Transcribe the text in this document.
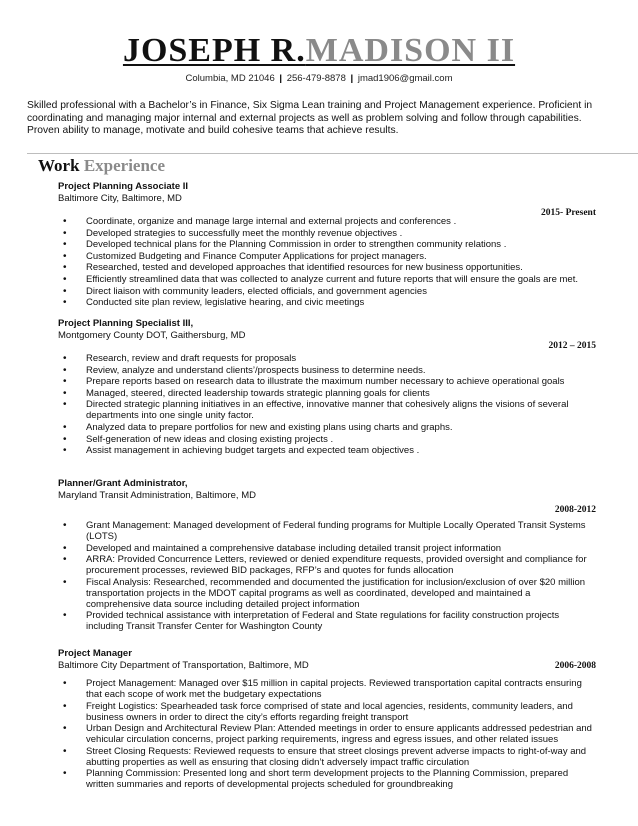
JOSEPH R.MADISON II
Columbia, MD 21046 | 256-479-8878 | jmad1906@gmail.com
Skilled professional with a Bachelor’s in Finance, Six Sigma Lean training and Project Management experience. Proficient in coordinating and managing major internal and external projects as well as problem solving and follow through capabilities. Proven ability to manage, motivate and build cohesive teams that achieve results.
Work Experience
Project Planning Associate II
Baltimore City, Baltimore, MD
2015- Present
• Coordinate, organize and manage large internal and external projects and conferences .
• Developed strategies to successfully meet the monthly revenue objectives .
• Developed technical plans for the Planning Commission in order to strengthen community relations .
• Customized Budgeting and Finance Computer Applications for project managers.
• Researched, tested and developed approaches that identified resources for new business opportunities.
• Efficiently streamlined data that was collected to analyze current and future reports that will ensure the goals are met.
• Direct liaison with community leaders, elected officials, and government agencies
• Conducted site plan review, legislative hearing, and civic meetings
Project Planning Specialist III,
Montgomery County DOT, Gaithersburg, MD
2012 – 2015
• Research, review and draft requests for proposals
• Review, analyze and understand clients’/prospects business to determine needs.
• Prepare reports based on research data to illustrate the maximum number necessary to achieve operational goals
• Managed, steered, directed leadership towards strategic planning goals for clients
• Directed strategic planning initiatives in an effective, innovative manner that cohesively aligns the visions of several departments into one single unity factor.
• Analyzed data to prepare portfolios for new and existing plans using charts and graphs.
• Self-generation of new ideas and closing existing projects .
• Assist management in achieving budget targets and expected team objectives .
Planner/Grant Administrator,
Maryland Transit Administration, Baltimore, MD
2008-2012
• Grant Management: Managed development of Federal funding programs for Multiple Locally Operated Transit Systems (LOTS)
• Developed and maintained a comprehensive database including detailed transit project information
• ARRA: Provided Concurrence Letters, reviewed or denied expenditure requests, provided oversight and compliance for procurement processes, reviewed BID packages, RFP’s and quotes for funds allocation
• Fiscal Analysis: Researched, recommended and documented the justification for inclusion/exclusion of over $20 million transportation projects in the MDOT capital programs as well as coordinated, developed and maintained a comprehensive data source including detailed project information
• Provided technical assistance with interpretation of Federal and State regulations for facility construction projects including Transit Transfer Center for Washington County
Project Manager
Baltimore City Department of Transportation, Baltimore, MD	2006-2008
• Project Management: Managed over $15 million in capital projects. Reviewed transportation capital contracts ensuring that each scope of work met the budgetary expectations
• Freight Logistics: Spearheaded task force comprised of state and local agencies, residents, community leaders, and business owners in order to direct the city’s efforts regarding freight transport
• Urban Design and Architectural Review Plan: Attended meetings in order to ensure applicants addressed pedestrian and vehicular circulation concerns, project parking requirements, ingress and egress issues, and other related issues
• Street Closing Requests: Reviewed requests to ensure that street closings prevent adverse impacts to right-of-way and abutting properties as well as ensuring that closing didn’t adversely impact traffic circulation
• Planning Commission: Presented long and short term development projects to the Planning Commission, prepared written summaries and reports of developmental projects scheduled for groundbreaking
